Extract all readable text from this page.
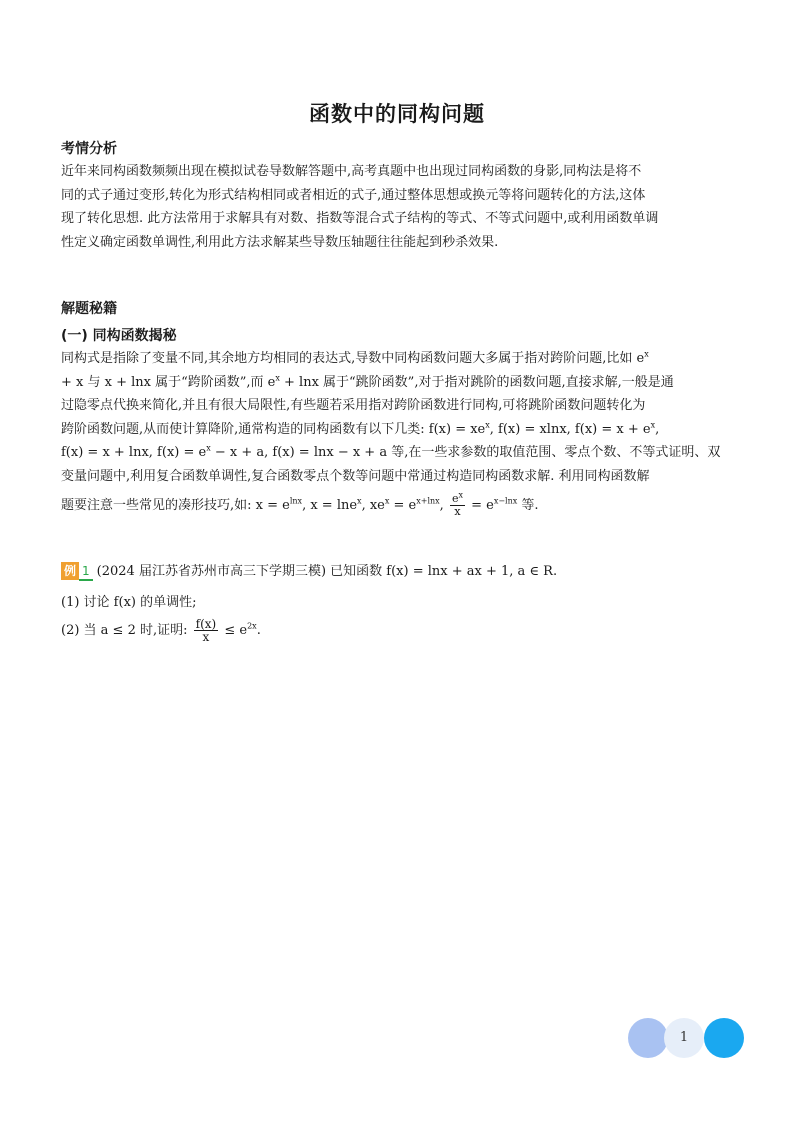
函数中的同构问题
考情分析
近年来同构函数频频出现在模拟试卷导数解答题中,高考真题中也出现过同构函数的身影,同构法是将不
同的式子通过变形,转化为形式结构相同或者相近的式子,通过整体思想或换元等将问题转化的方法,这体
现了转化思想. 此方法常用于求解具有对数、指数等混合式子结构的等式、不等式问题中,或利用函数单调
性定义确定函数单调性,利用此方法求解某些导数压轴题往往能起到秒杀效果.
解题秘籍
(一) 同构函数揭秘
同构式是指除了变量不同,其余地方均相同的表达式,导数中同构函数问题大多属于指对跨阶问题,比如 $e^x$
+ x 与 x + lnx 属于“跨阶函数”,而 $e^x + \ln x$ 属于“跳阶函数”,对于指对跳阶的函数问题,直接求解,一般是通
过隐零点代换来简化,并且有很大局限性,有些题若采用指对跨阶函数进行同构,可将跳阶函数问题转化为
跨阶函数问题,从而使计算降阶,通常构造的同构函数有以下几类: $f(x) = xe^x$, f(x) = xlnx, $f(x) = x + e^x$,
f(x) = x + lnx, $f(x) = e^x - x + a$, f(x) = lnx − x + a 等,在一些求参数的取值范围、零点个数、不等式证明、双
变量问题中,利用复合函数单调性,复合函数零点个数等问题中常通过构造同构函数求解. 利用同构函数解
题要注意一些常见的凑形技巧,如: $x = e^{lnx}$, x = lne$^x$, $xe^x = e^{x+lnx}$, $\frac{e^x}{x} = e^{x-lnx}$ 等.
例 1 (2024 届江苏省苏州市高三下学期三模) 已知函数 f(x) = lnx + ax + 1, a ∈ R.
(1) 讨论 f(x) 的单调性;
(2) 当 a ≤ 2 时,证明: $\frac{f(x)}{x} \le e^{2x}$.
1
